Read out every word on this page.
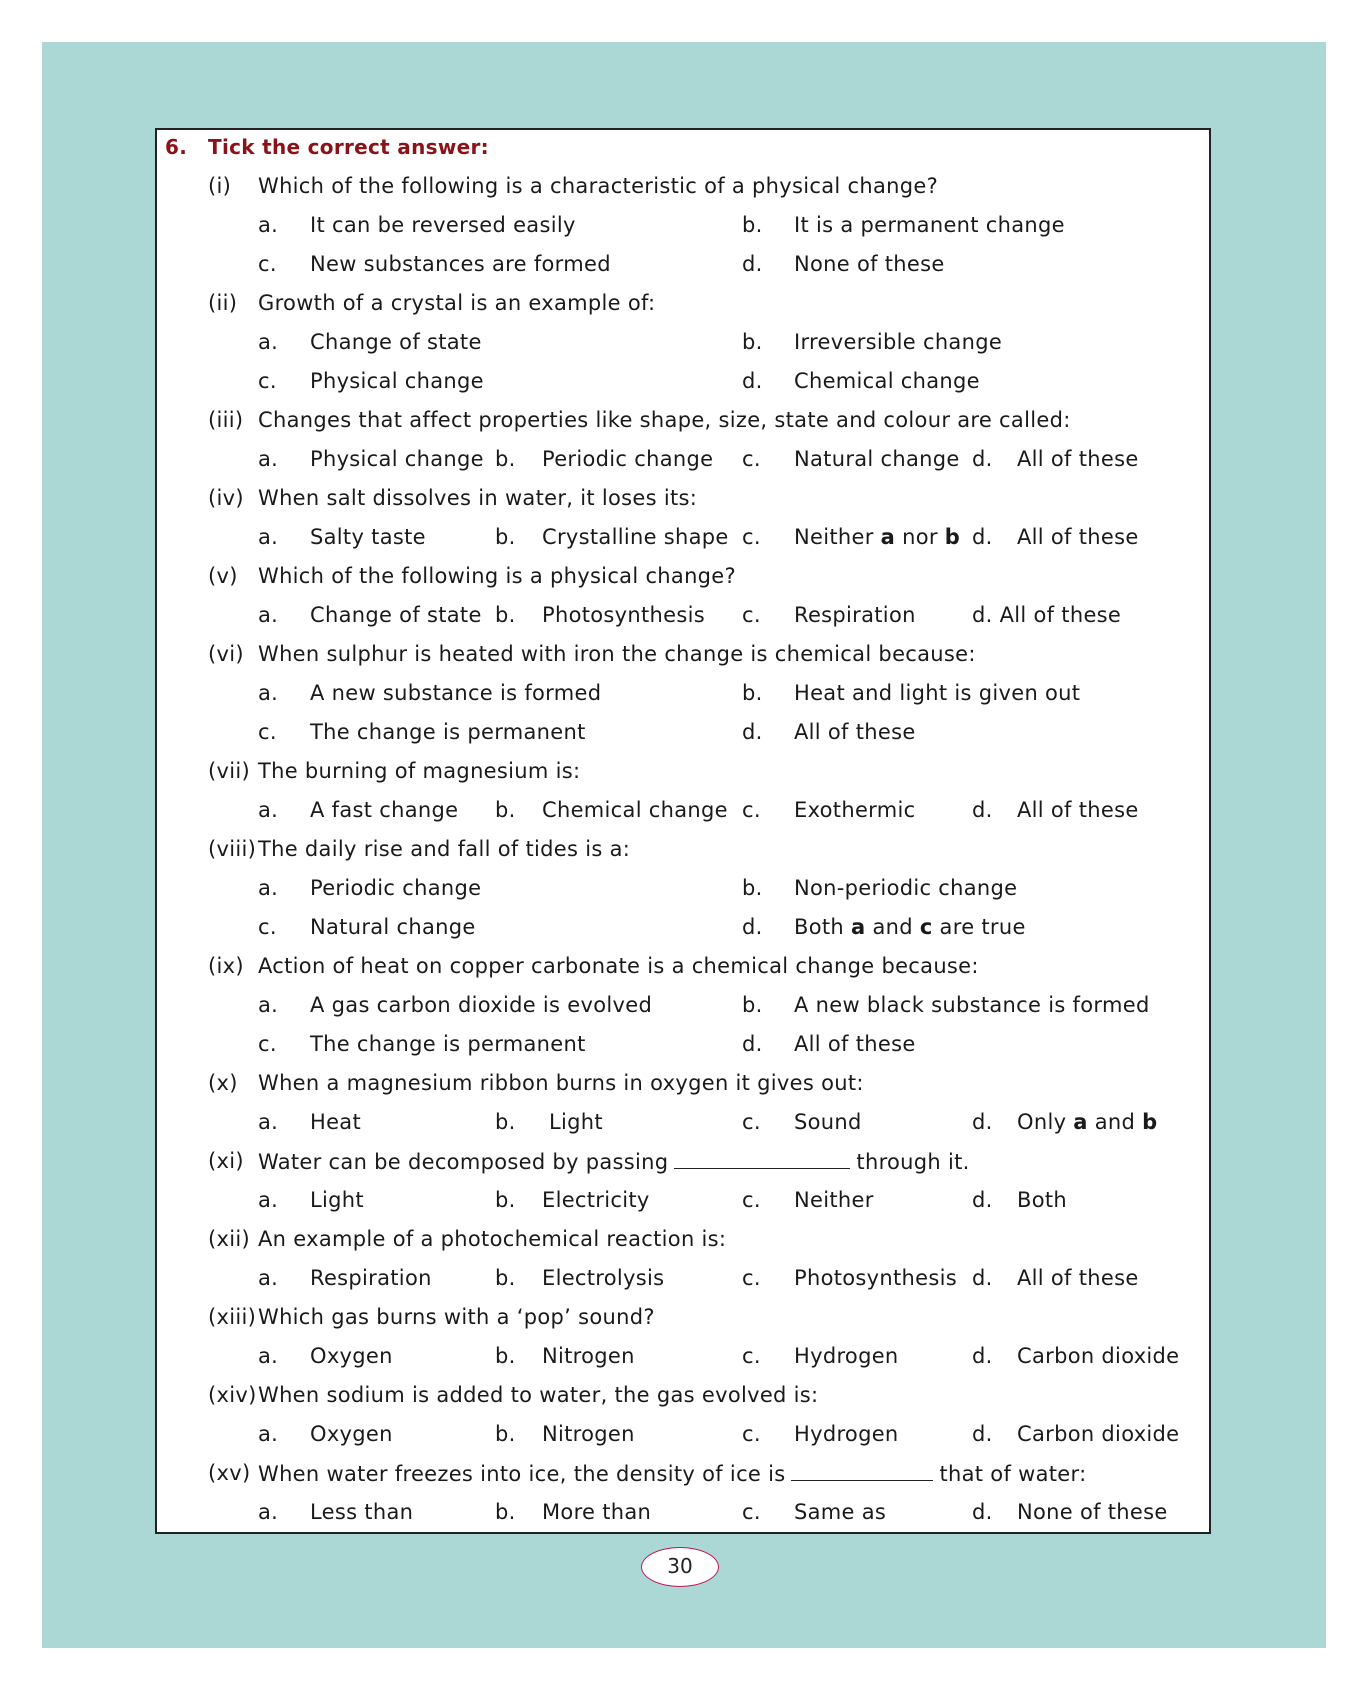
6. Tick the correct answer:
(i) Which of the following is a characteristic of a physical change?
a. It can be reversed easily	b. It is a permanent change
c. New substances are formed	d. None of these
(ii) Growth of a crystal is an example of:
a. Change of state	b. Irreversible change
c. Physical change	d. Chemical change
(iii) Changes that affect properties like shape, size, state and colour are called:
a. Physical change b. Periodic change c. Natural change d. All of these
(iv) When salt dissolves in water, it loses its:
a. Salty taste	b. Crystalline shape c. Neither a nor b d. All of these
(v) Which of the following is a physical change?
a. Change of state b. Photosynthesis c. Respiration	d. All of these
(vi) When sulphur is heated with iron the change is chemical because:
a. A new substance is formed	b. Heat and light is given out
c. The change is permanent	d. All of these
(vii) The burning of magnesium is:
a. A fast change b. Chemical change c. Exothermic	d. All of these
(viii) The daily rise and fall of tides is a:
a. Periodic change	b. Non-periodic change
c. Natural change	d. Both a and c are true
(ix) Action of heat on copper carbonate is a chemical change because:
a. A gas carbon dioxide is evolved	b. A new black substance is formed
c. The change is permanent	d. All of these
(x) When a magnesium ribbon burns in oxygen it gives out:
a. Heat	b. Light	c. Sound	d. Only a and b
(xi) Water can be decomposed by passing	through it.
a. Light	b. Electricity	c. Neither	d. Both
(xii) An example of a photochemical reaction is:
a. Respiration	b. Electrolysis	c. Photosynthesis d. All of these
(xiii) Which gas burns with a ‘pop’ sound?
a. Oxygen	b. Nitrogen	c. Hydrogen	d. Carbon dioxide
(xiv) When sodium is added to water, the gas evolved is:
a. Oxygen	b. Nitrogen	c. Hydrogen	d. Carbon dioxide
(xv) When water freezes into ice, the density of ice is	that of water:
a. Less than	b. More than	c. Same as	d. None of these
30
